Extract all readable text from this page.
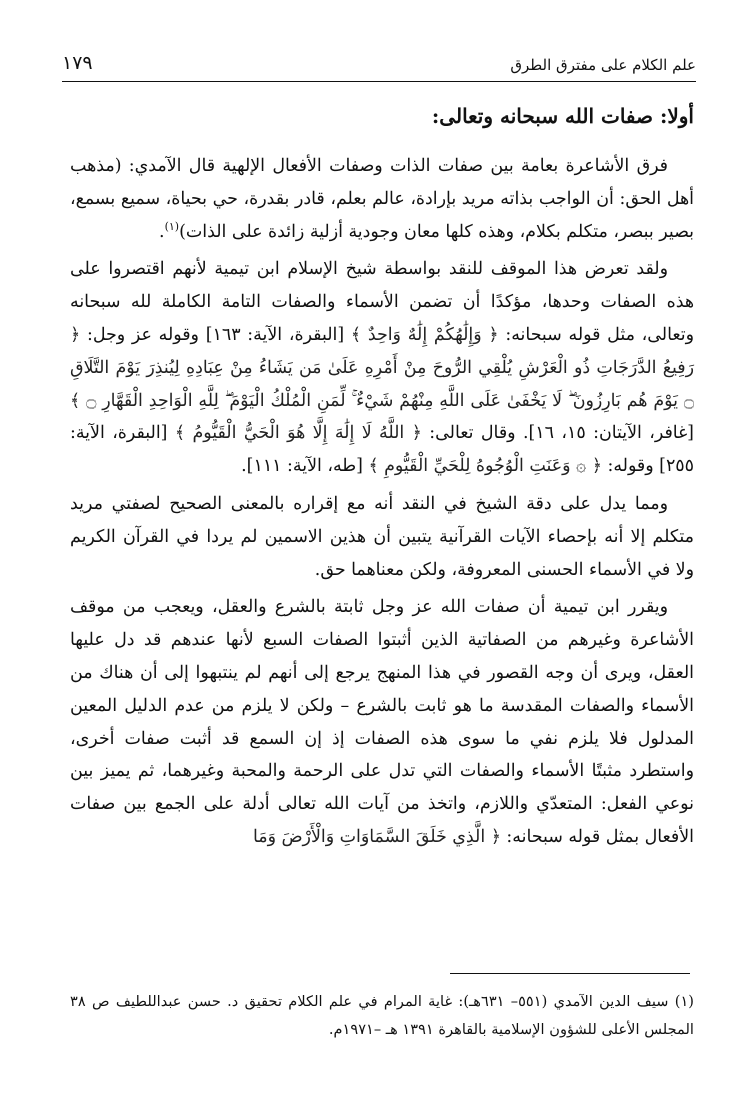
علم الكلام على مفترق الطرق
١٧٩
أولا: صفات الله سبحانه وتعالى:

فرق الأشاعرة بعامة بين صفات الذات وصفات الأفعال الإلهية قال الآمدي: (مذهب أهل الحق: أن الواجب بذاته مريد بإرادة، عالم بعلم، قادر بقدرة، حي بحياة، سميع بسمع، بصير ببصر، متكلم بكلام، وهذه كلها معان وجودية أزلية زائدة على الذات)$^{(١)}$.

ولقد تعرض هذا الموقف للنقد بواسطة شيخ الإسلام ابن تيمية لأنهم اقتصروا على هذه الصفات وحدها، مؤكدًا أن تضمن الأسماء والصفات التامة الكاملة لله سبحانه وتعالى، مثل قوله سبحانه: ﴿ وَإِلَٰهُكُمْ إِلَٰهٌ وَاحِدٌ ﴾ [البقرة، الآية: ١٦٣] وقوله عز وجل: ﴿ رَفِيعُ الدَّرَجَاتِ ذُو الْعَرْشِ يُلْقِي الرُّوحَ مِنْ أَمْرِهِ عَلَىٰ مَن يَشَاءُ مِنْ عِبَادِهِ لِيُنذِرَ يَوْمَ التَّلَاقِ ۝ يَوْمَ هُم بَارِزُونَ ۖ لَا يَخْفَىٰ عَلَى اللَّهِ مِنْهُمْ شَيْءٌ ۚ لِّمَنِ الْمُلْكُ الْيَوْمَ ۖ لِلَّهِ الْوَاحِدِ الْقَهَّارِ ۝ ﴾ [غافر، الآيتان: ١٥، ١٦]. وقال تعالى: ﴿ اللَّهُ لَا إِلَٰهَ إِلَّا هُوَ الْحَيُّ الْقَيُّومُ ﴾ [البقرة، الآية: ٢٥٥] وقوله: ﴿ ۞ وَعَنَتِ الْوُجُوهُ لِلْحَيِّ الْقَيُّومِ ﴾ [طه، الآية: ١١١].

ومما يدل على دقة الشيخ في النقد أنه مع إقراره بالمعنى الصحيح لصفتي مريد متكلم إلا أنه بإحصاء الآيات القرآنية يتبين أن هذين الاسمين لم يردا في القرآن الكريم ولا في الأسماء الحسنى المعروفة، ولكن معناهما حق.

ويقرر ابن تيمية أن صفات الله عز وجل ثابتة بالشرع والعقل، ويعجب من موقف الأشاعرة وغيرهم من الصفاتية الذين أثبتوا الصفات السبع لأنها عندهم قد دل عليها العقل، ويرى أن وجه القصور في هذا المنهج يرجع إلى أنهم لم ينتبهوا إلى أن هناك من الأسماء والصفات المقدسة ما هو ثابت بالشرع – ولكن لا يلزم من عدم الدليل المعين المدلول فلا يلزم نفي ما سوى هذه الصفات إذ إن السمع قد أثبت صفات أخرى، واستطرد مثبتًا الأسماء والصفات التي تدل على الرحمة والمحبة وغيرهما، ثم يميز بين نوعي الفعل: المتعدّي واللازم، واتخذ من آيات الله تعالى أدلة على الجمع بين صفات الأفعال بمثل قوله سبحانه: ﴿ الَّذِي خَلَقَ السَّمَاوَاتِ وَالْأَرْضَ وَمَا

(١) سيف الدين الآمدي (٥٥١– ٦٣١هـ): غاية المرام في علم الكلام تحقيق د. حسن عبداللطيف ص ٣٨ المجلس الأعلى للشؤون الإسلامية بالقاهرة ١٣٩١ هـ –١٩٧١م.
